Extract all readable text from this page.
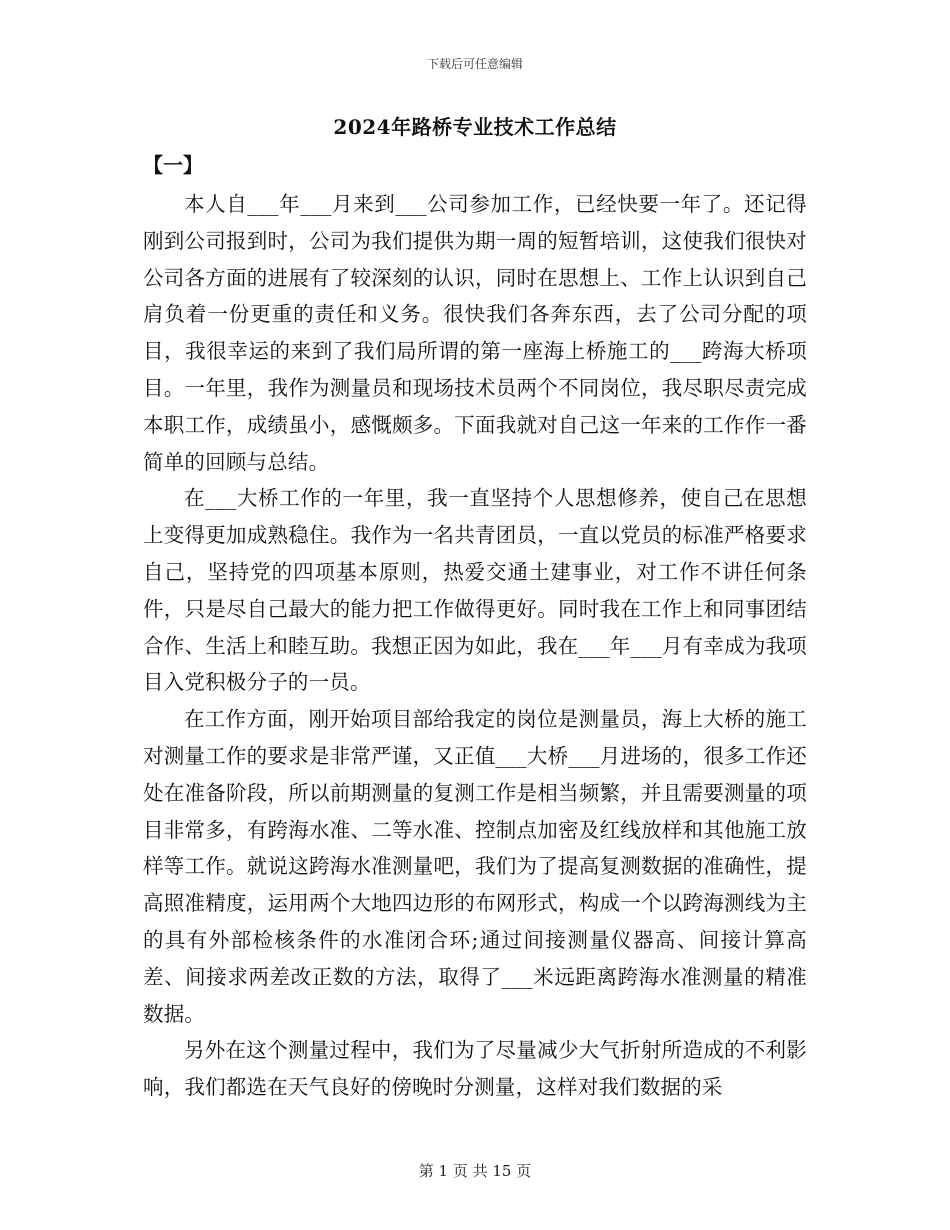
下载后可任意编辑
2024年路桥专业技术工作总结
【一】

本人自___年___月来到___公司参加工作，已经快要一年了。还记得刚到公司报到时，公司为我们提供为期一周的短暂培训，这使我们很快对公司各方面的进展有了较深刻的认识，同时在思想上、工作上认识到自己肩负着一份更重的责任和义务。很快我们各奔东西，去了公司分配的项目，我很幸运的来到了我们局所谓的第一座海上桥施工的___跨海大桥项目。一年里，我作为测量员和现场技术员两个不同岗位，我尽职尽责完成本职工作，成绩虽小，感慨颇多。下面我就对自己这一年来的工作作一番简单的回顾与总结。

在___大桥工作的一年里，我一直坚持个人思想修养，使自己在思想上变得更加成熟稳住。我作为一名共青团员，一直以党员的标准严格要求自己，坚持党的四项基本原则，热爱交通土建事业，对工作不讲任何条件，只是尽自己最大的能力把工作做得更好。同时我在工作上和同事团结合作、生活上和睦互助。我想正因为如此，我在___年___月有幸成为我项目入党积极分子的一员。

在工作方面，刚开始项目部给我定的岗位是测量员，海上大桥的施工对测量工作的要求是非常严谨，又正值___大桥___月进场的，很多工作还处在准备阶段，所以前期测量的复测工作是相当频繁，并且需要测量的项目非常多，有跨海水准、二等水准、控制点加密及红线放样和其他施工放样等工作。就说这跨海水准测量吧，我们为了提高复测数据的准确性，提高照准精度，运用两个大地四边形的布网形式，构成一个以跨海测线为主的具有外部检核条件的水准闭合环;通过间接测量仪器高、间接计算高差、间接求两差改正数的方法，取得了___米远距离跨海水准测量的精准数据。

另外在这个测量过程中，我们为了尽量减少大气折射所造成的不利影响，我们都选在天气良好的傍晚时分测量，这样对我们数据的采

第 1 页 共 15 页
